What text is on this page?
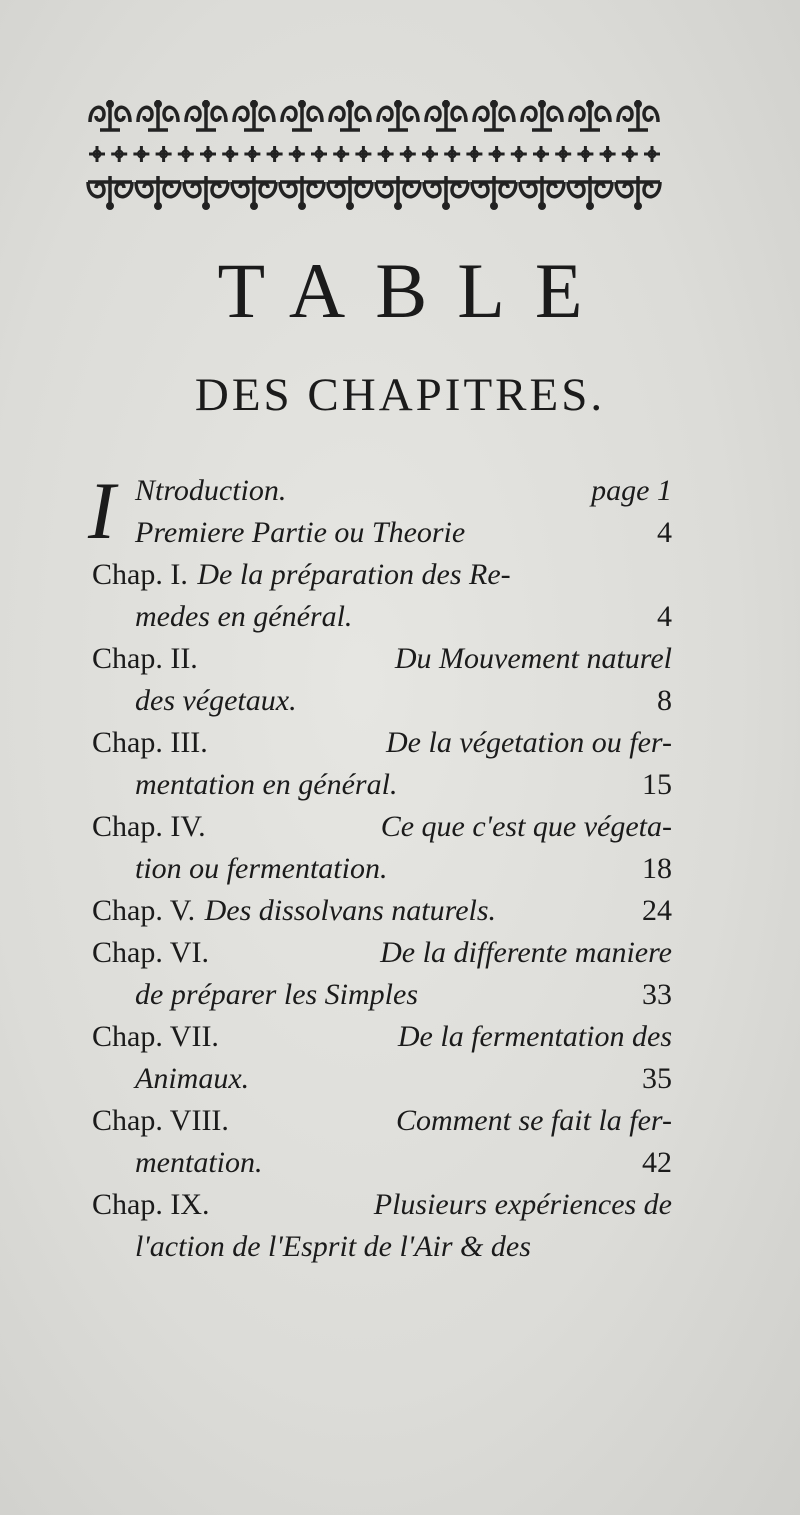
TABLE
DES CHAPITRES.
I Ntroduction.	page 1
Premiere Partie ou Theorie	4
Chap. I. De la préparation des Re-
medes en général.	4
Chap. II.	Du Mouvement naturel
des végetaux.	8
Chap. III.	De la végetation ou fer-
mentation en général.	15
Chap. IV.	Ce que c'est que végeta-
tion ou fermentation.	18
Chap. V. Des dissolvans naturels.	24
Chap. VI.	De la differente maniere
de préparer les Simples	33
Chap. VII.	De la fermentation des
Animaux.	35
Chap. VIII.	Comment se fait la fer-
mentation.	42
Chap. IX.	Plusieurs expériences de
l'action de l'Esprit de l'Air & des
